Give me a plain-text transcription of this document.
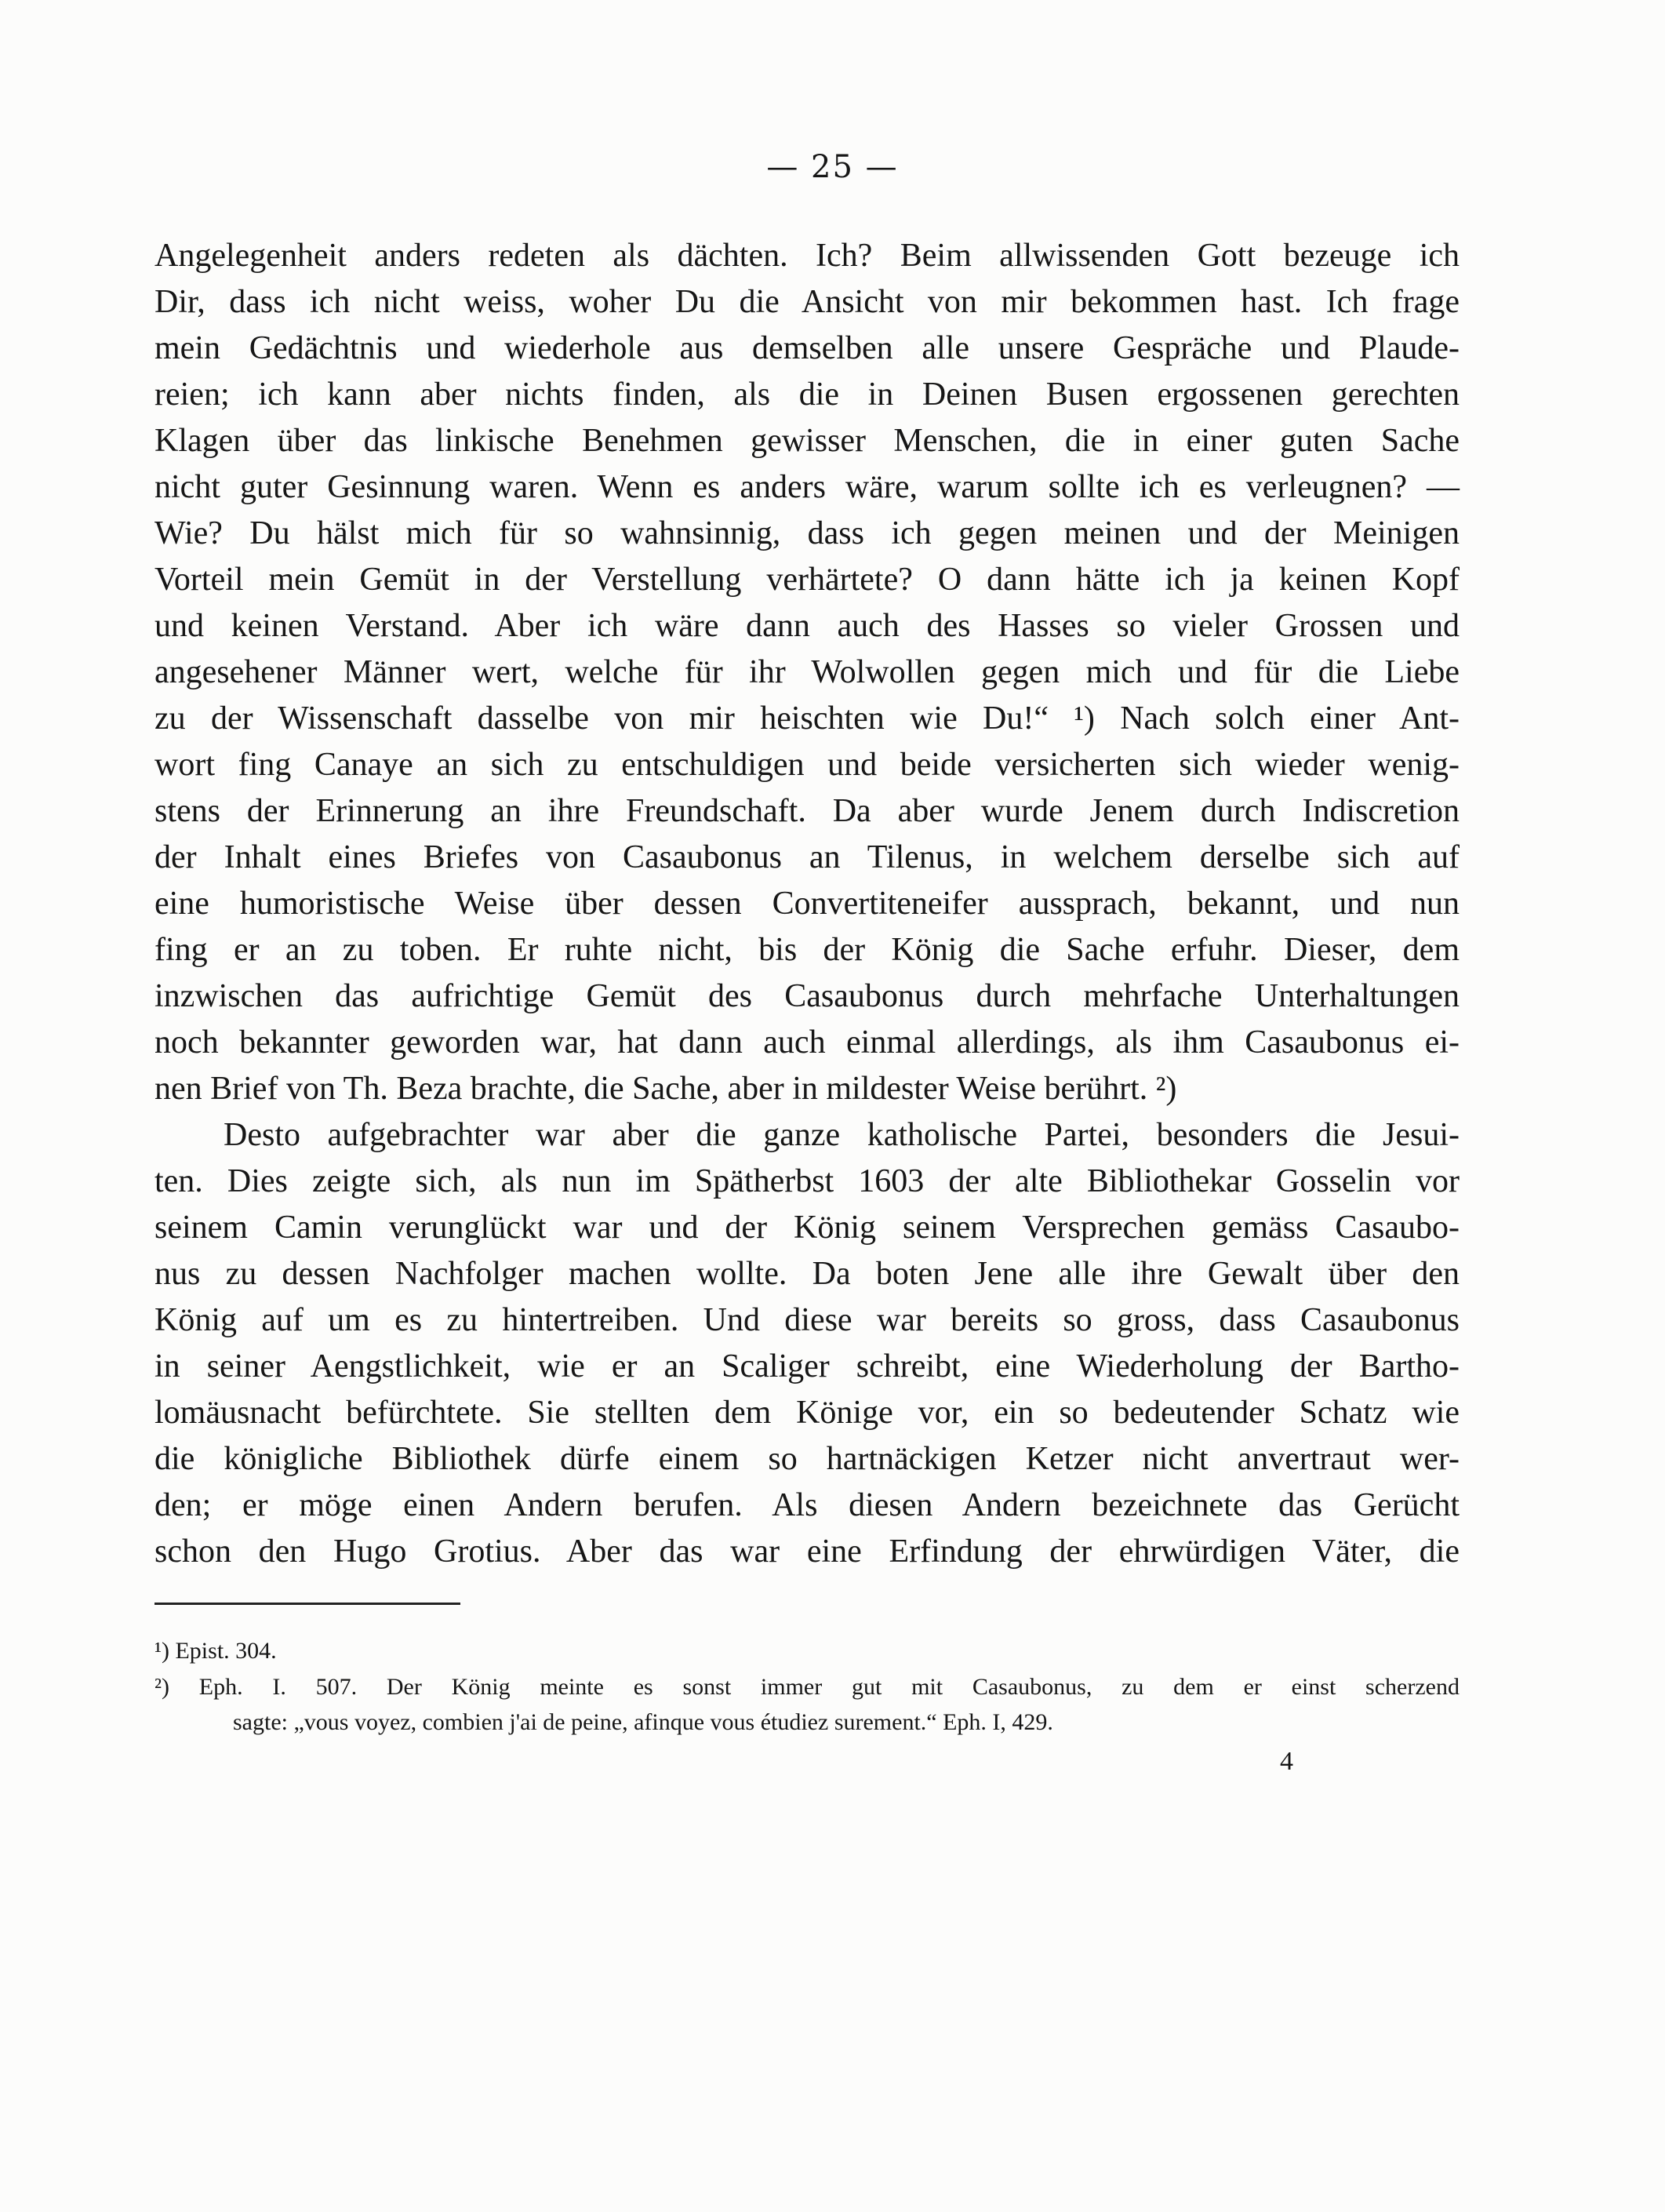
— 25 —
Angelegenheit anders redeten als dächten. Ich? Beim allwissenden Gott bezeuge ich
Dir, dass ich nicht weiss, woher Du die Ansicht von mir bekommen hast. Ich frage
mein Gedächtnis und wiederhole aus demselben alle unsere Gespräche und Plaude-
reien; ich kann aber nichts finden, als die in Deinen Busen ergossenen gerechten
Klagen über das linkische Benehmen gewisser Menschen, die in einer guten Sache
nicht guter Gesinnung waren. Wenn es anders wäre, warum sollte ich es verleugnen? —
Wie? Du hälst mich für so wahnsinnig, dass ich gegen meinen und der Meinigen
Vorteil mein Gemüt in der Verstellung verhärtete? O dann hätte ich ja keinen Kopf
und keinen Verstand. Aber ich wäre dann auch des Hasses so vieler Grossen und
angesehener Männer wert, welche für ihr Wolwollen gegen mich und für die Liebe
zu der Wissenschaft dasselbe von mir heischten wie Du!“ ¹) Nach solch einer Ant-
wort fing Canaye an sich zu entschuldigen und beide versicherten sich wieder wenig-
stens der Erinnerung an ihre Freundschaft. Da aber wurde Jenem durch Indiscretion
der Inhalt eines Briefes von Casaubonus an Tilenus, in welchem derselbe sich auf
eine humoristische Weise über dessen Convertiteneifer aussprach, bekannt, und nun
fing er an zu toben. Er ruhte nicht, bis der König die Sache erfuhr. Dieser, dem
inzwischen das aufrichtige Gemüt des Casaubonus durch mehrfache Unterhaltungen
noch bekannter geworden war, hat dann auch einmal allerdings, als ihm Casaubonus ei-
nen Brief von Th. Beza brachte, die Sache, aber in mildester Weise berührt. ²)
Desto aufgebrachter war aber die ganze katholische Partei, besonders die Jesui-
ten. Dies zeigte sich, als nun im Spätherbst 1603 der alte Bibliothekar Gosselin vor
seinem Camin verunglückt war und der König seinem Versprechen gemäss Casaubo-
nus zu dessen Nachfolger machen wollte. Da boten Jene alle ihre Gewalt über den
König auf um es zu hintertreiben. Und diese war bereits so gross, dass Casaubonus
in seiner Aengstlichkeit, wie er an Scaliger schreibt, eine Wiederholung der Bartho-
lomäusnacht befürchtete. Sie stellten dem Könige vor, ein so bedeutender Schatz wie
die königliche Bibliothek dürfe einem so hartnäckigen Ketzer nicht anvertraut wer-
den; er möge einen Andern berufen. Als diesen Andern bezeichnete das Gerücht
schon den Hugo Grotius. Aber das war eine Erfindung der ehrwürdigen Väter, die
¹) Epist. 304.
²) Eph. I. 507. Der König meinte es sonst immer gut mit Casaubonus, zu dem er einst scherzend
sagte: „vous voyez, combien j'ai de peine, afinque vous étudiez surement.“ Eph. I, 429.
4
